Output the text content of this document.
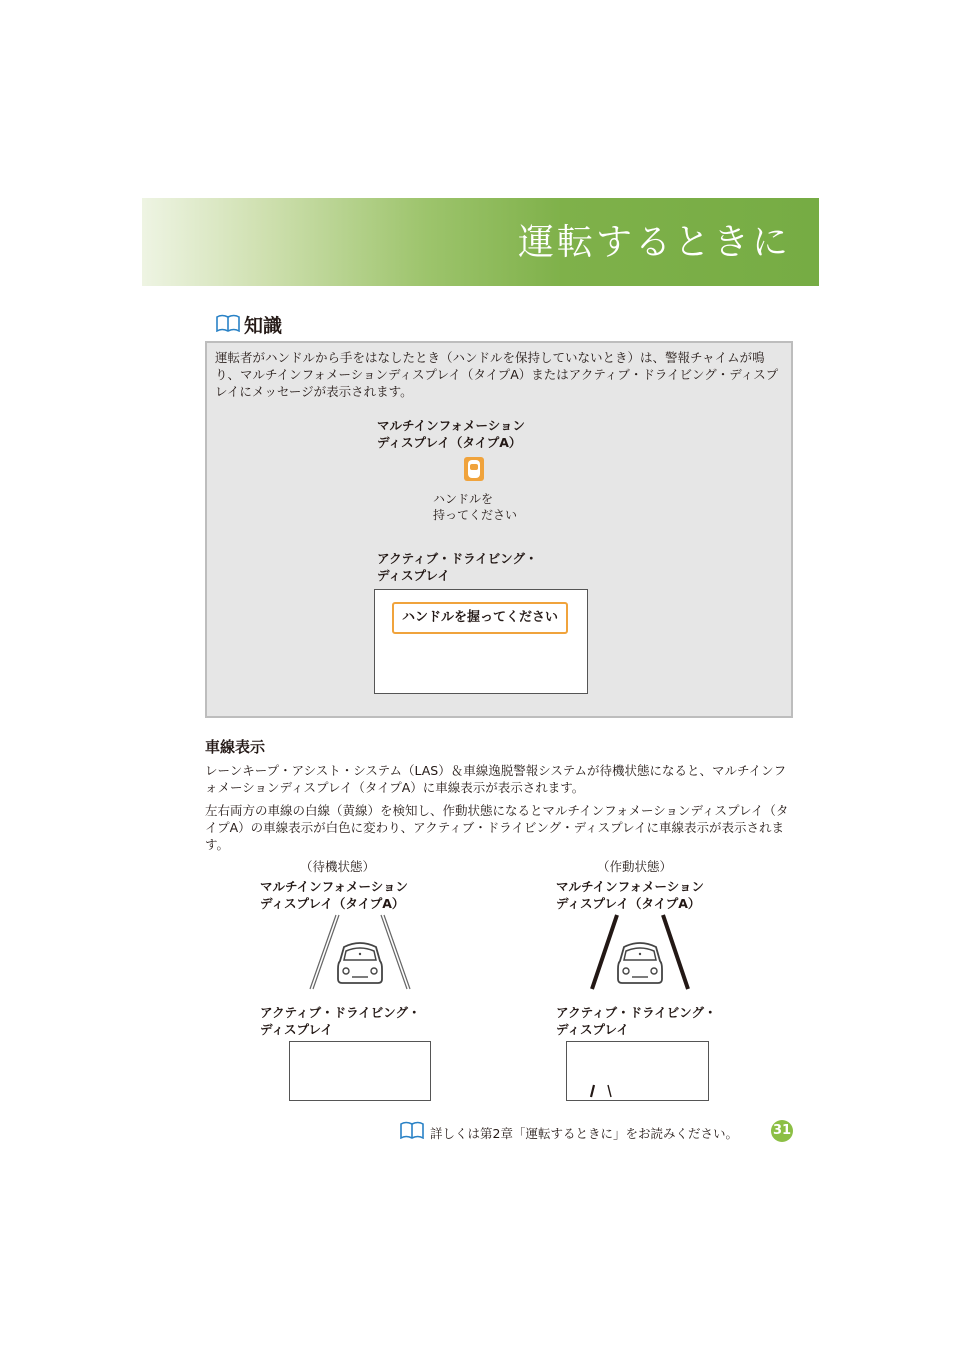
運転するときに
知識
運転者がハンドルから手をはなしたとき（ハンドルを保持していないとき）は、警報チャイムが鳴り、マルチインフォメーションディスプレイ（タイプA）またはアクティブ・ドライビング・ディスプレイにメッセージが表示されます。
マルチインフォメーション
ディスプレイ（タイプA）
ハンドルを
持ってください
アクティブ・ドライビング・
ディスプレイ
ハンドルを握ってください
車線表示
レーンキープ・アシスト・システム（LAS）＆車線逸脱警報システムが待機状態になると、マルチインフォメーションディスプレイ（タイプA）に車線表示が表示されます。
左右両方の車線の白線（黄線）を検知し、作動状態になるとマルチインフォメーションディスプレイ（タイプA）の車線表示が白色に変わり、アクティブ・ドライビング・ディスプレイに車線表示が表示されます。
（待機状態）
マルチインフォメーション
ディスプレイ（タイプA）
アクティブ・ドライビング・
ディスプレイ
（作動状態）
マルチインフォメーション
ディスプレイ（タイプA）
アクティブ・ドライビング・
ディスプレイ
詳しくは第2章「運転するときに」をお読みください。	31
